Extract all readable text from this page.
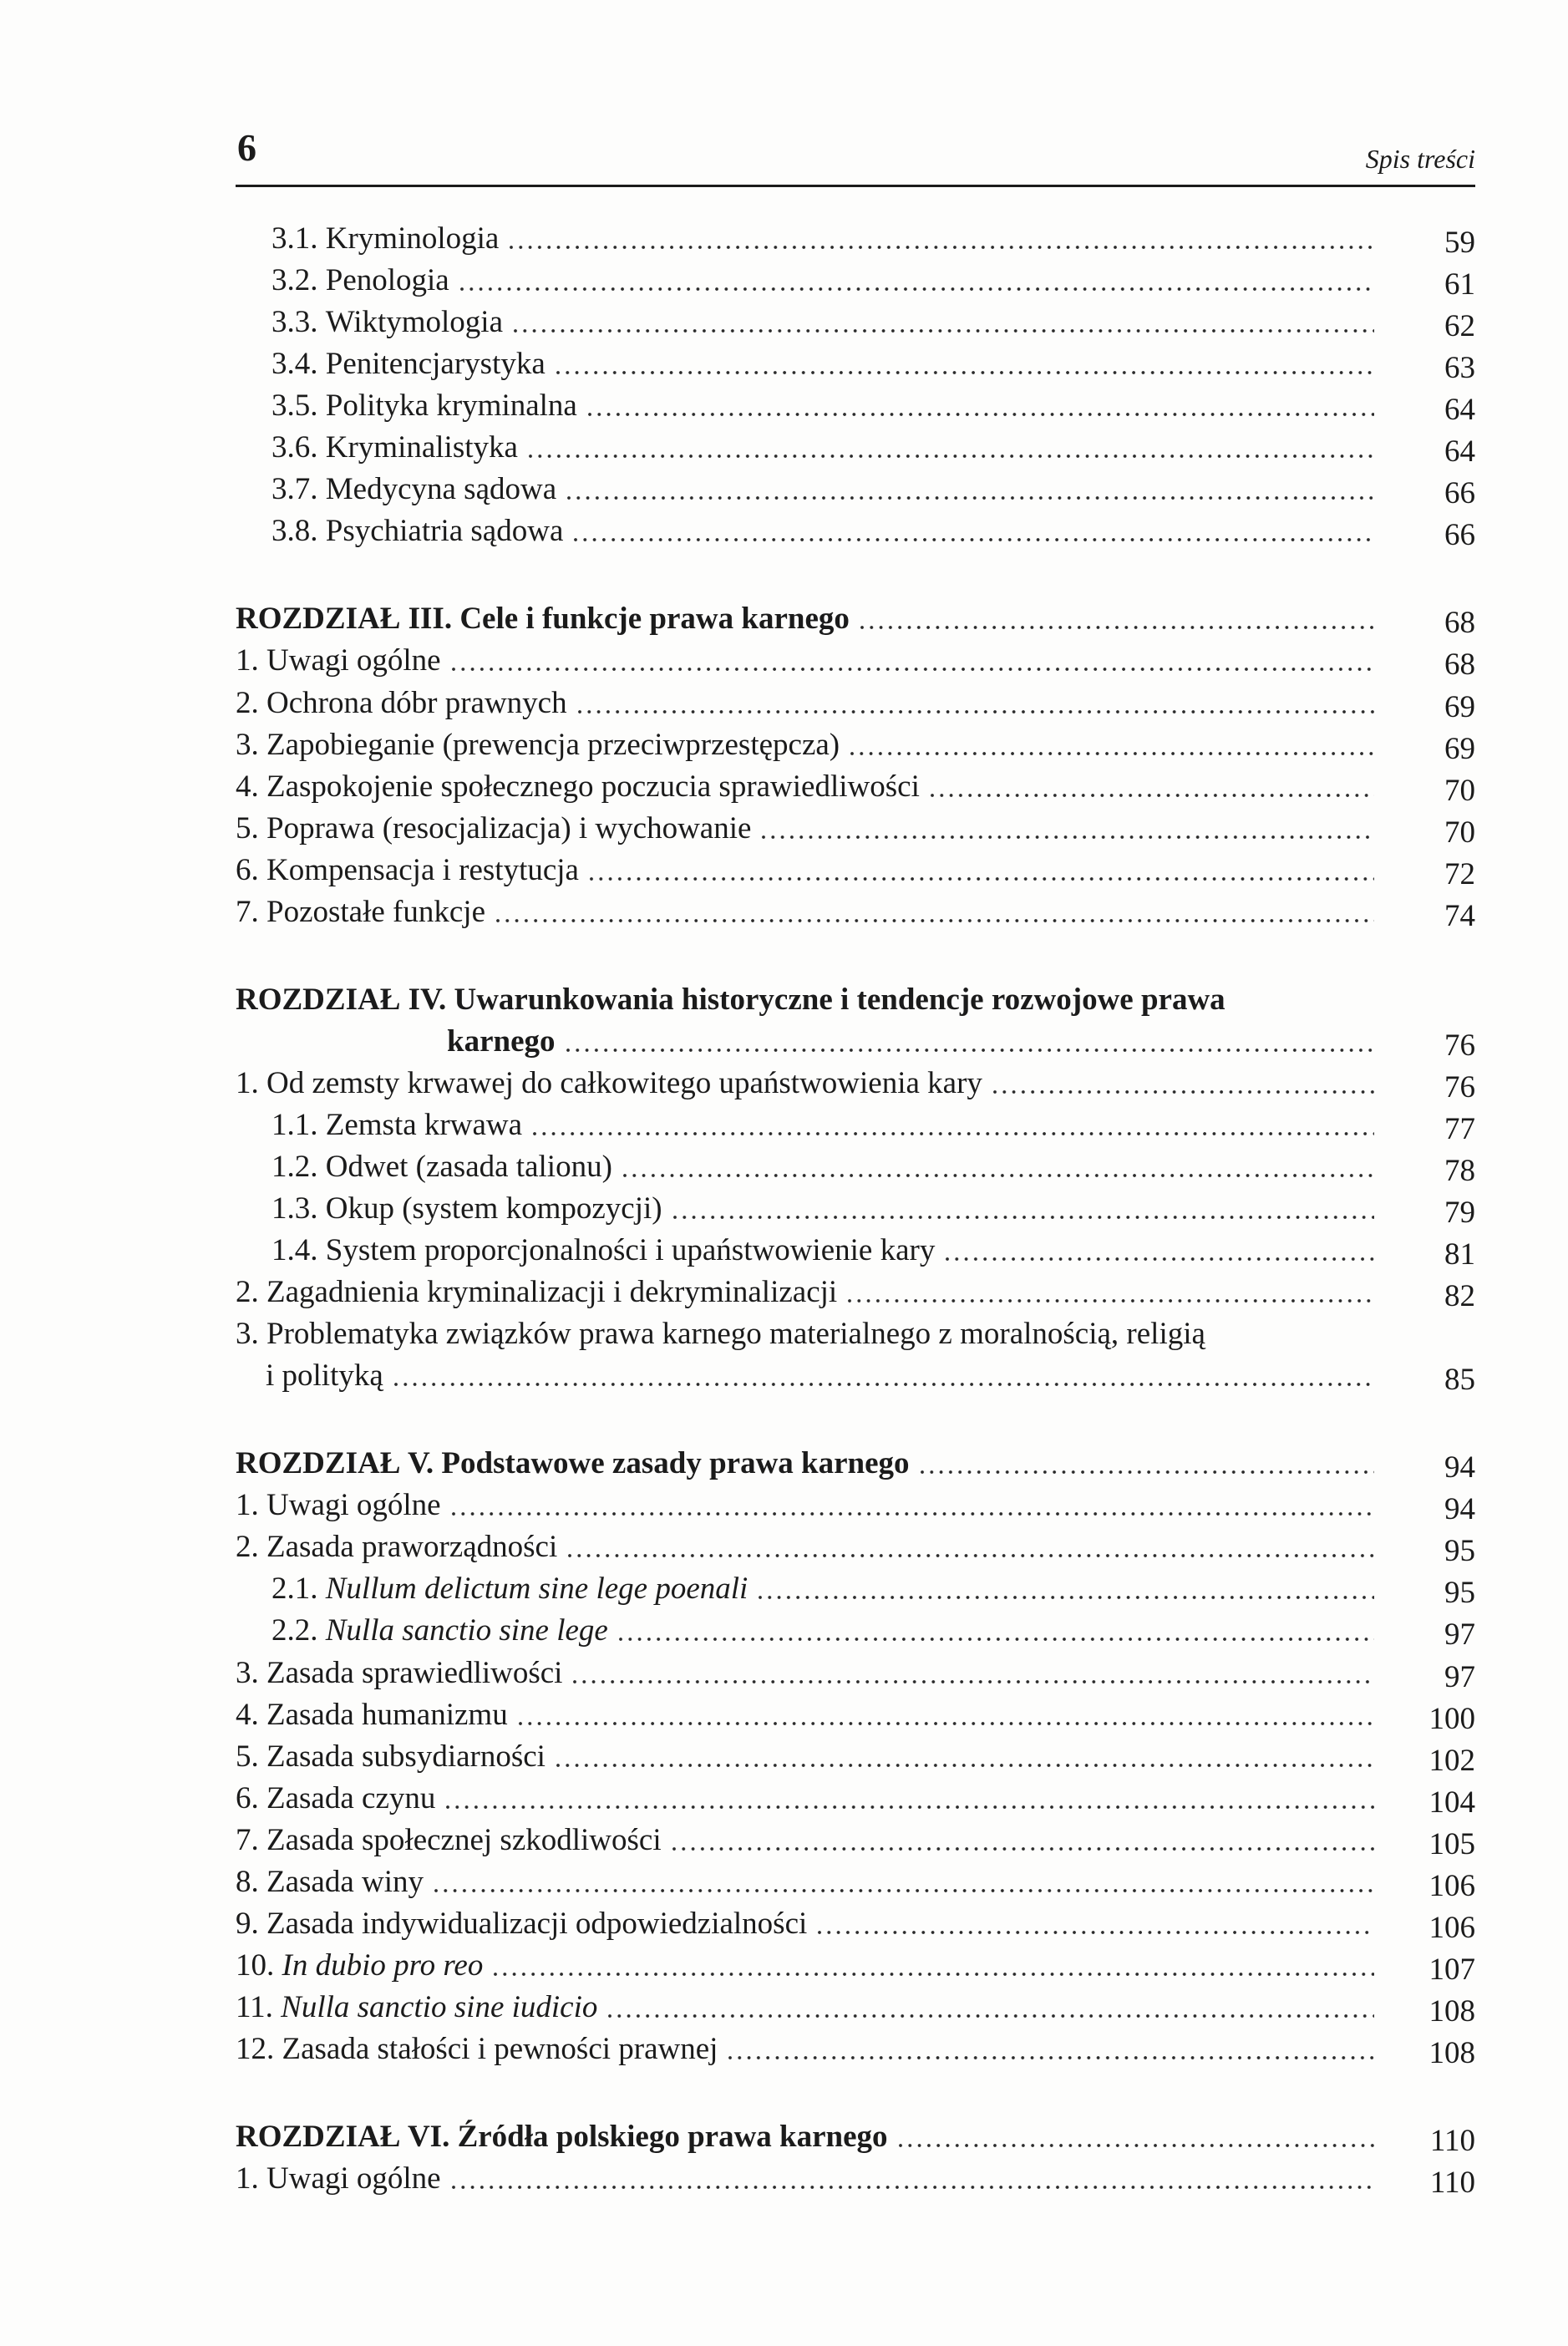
6	Spis treści
3.1. Kryminologia	59
3.2. Penologia	61
3.3. Wiktymologia	62
3.4. Penitencjarystyka	63
3.5. Polityka kryminalna	64
3.6. Kryminalistyka	64
3.7. Medycyna sądowa	66
3.8. Psychiatria sądowa	66
ROZDZIAŁ III. Cele i funkcje prawa karnego	68
1. Uwagi ogólne	68
2. Ochrona dóbr prawnych	69
3. Zapobieganie (prewencja przeciwprzestępcza)	69
4. Zaspokojenie społecznego poczucia sprawiedliwości	70
5. Poprawa (resocjalizacja) i wychowanie	70
6. Kompensacja i restytucja	72
7. Pozostałe funkcje	74
ROZDZIAŁ IV. Uwarunkowania historyczne i tendencje rozwojowe prawa
karnego	76
1. Od zemsty krwawej do całkowitego upaństwowienia kary	76
1.1. Zemsta krwawa	77
1.2. Odwet (zasada talionu)	78
1.3. Okup (system kompozycji)	79
1.4. System proporcjonalności i upaństwowienie kary	81
2. Zagadnienia kryminalizacji i dekryminalizacji	82
3. Problematyka związków prawa karnego materialnego z moralnością, religią
i polityką	85
ROZDZIAŁ V. Podstawowe zasady prawa karnego	94
1. Uwagi ogólne	94
2. Zasada praworządności	95
2.1. Nullum delictum sine lege poenali	95
2.2. Nulla sanctio sine lege	97
3. Zasada sprawiedliwości	97
4. Zasada humanizmu	100
5. Zasada subsydiarności	102
6. Zasada czynu	104
7. Zasada społecznej szkodliwości	105
8. Zasada winy	106
9. Zasada indywidualizacji odpowiedzialności	106
10. In dubio pro reo	107
11. Nulla sanctio sine iudicio	108
12. Zasada stałości i pewności prawnej	108
ROZDZIAŁ VI. Źródła polskiego prawa karnego	110
1. Uwagi ogólne	110
